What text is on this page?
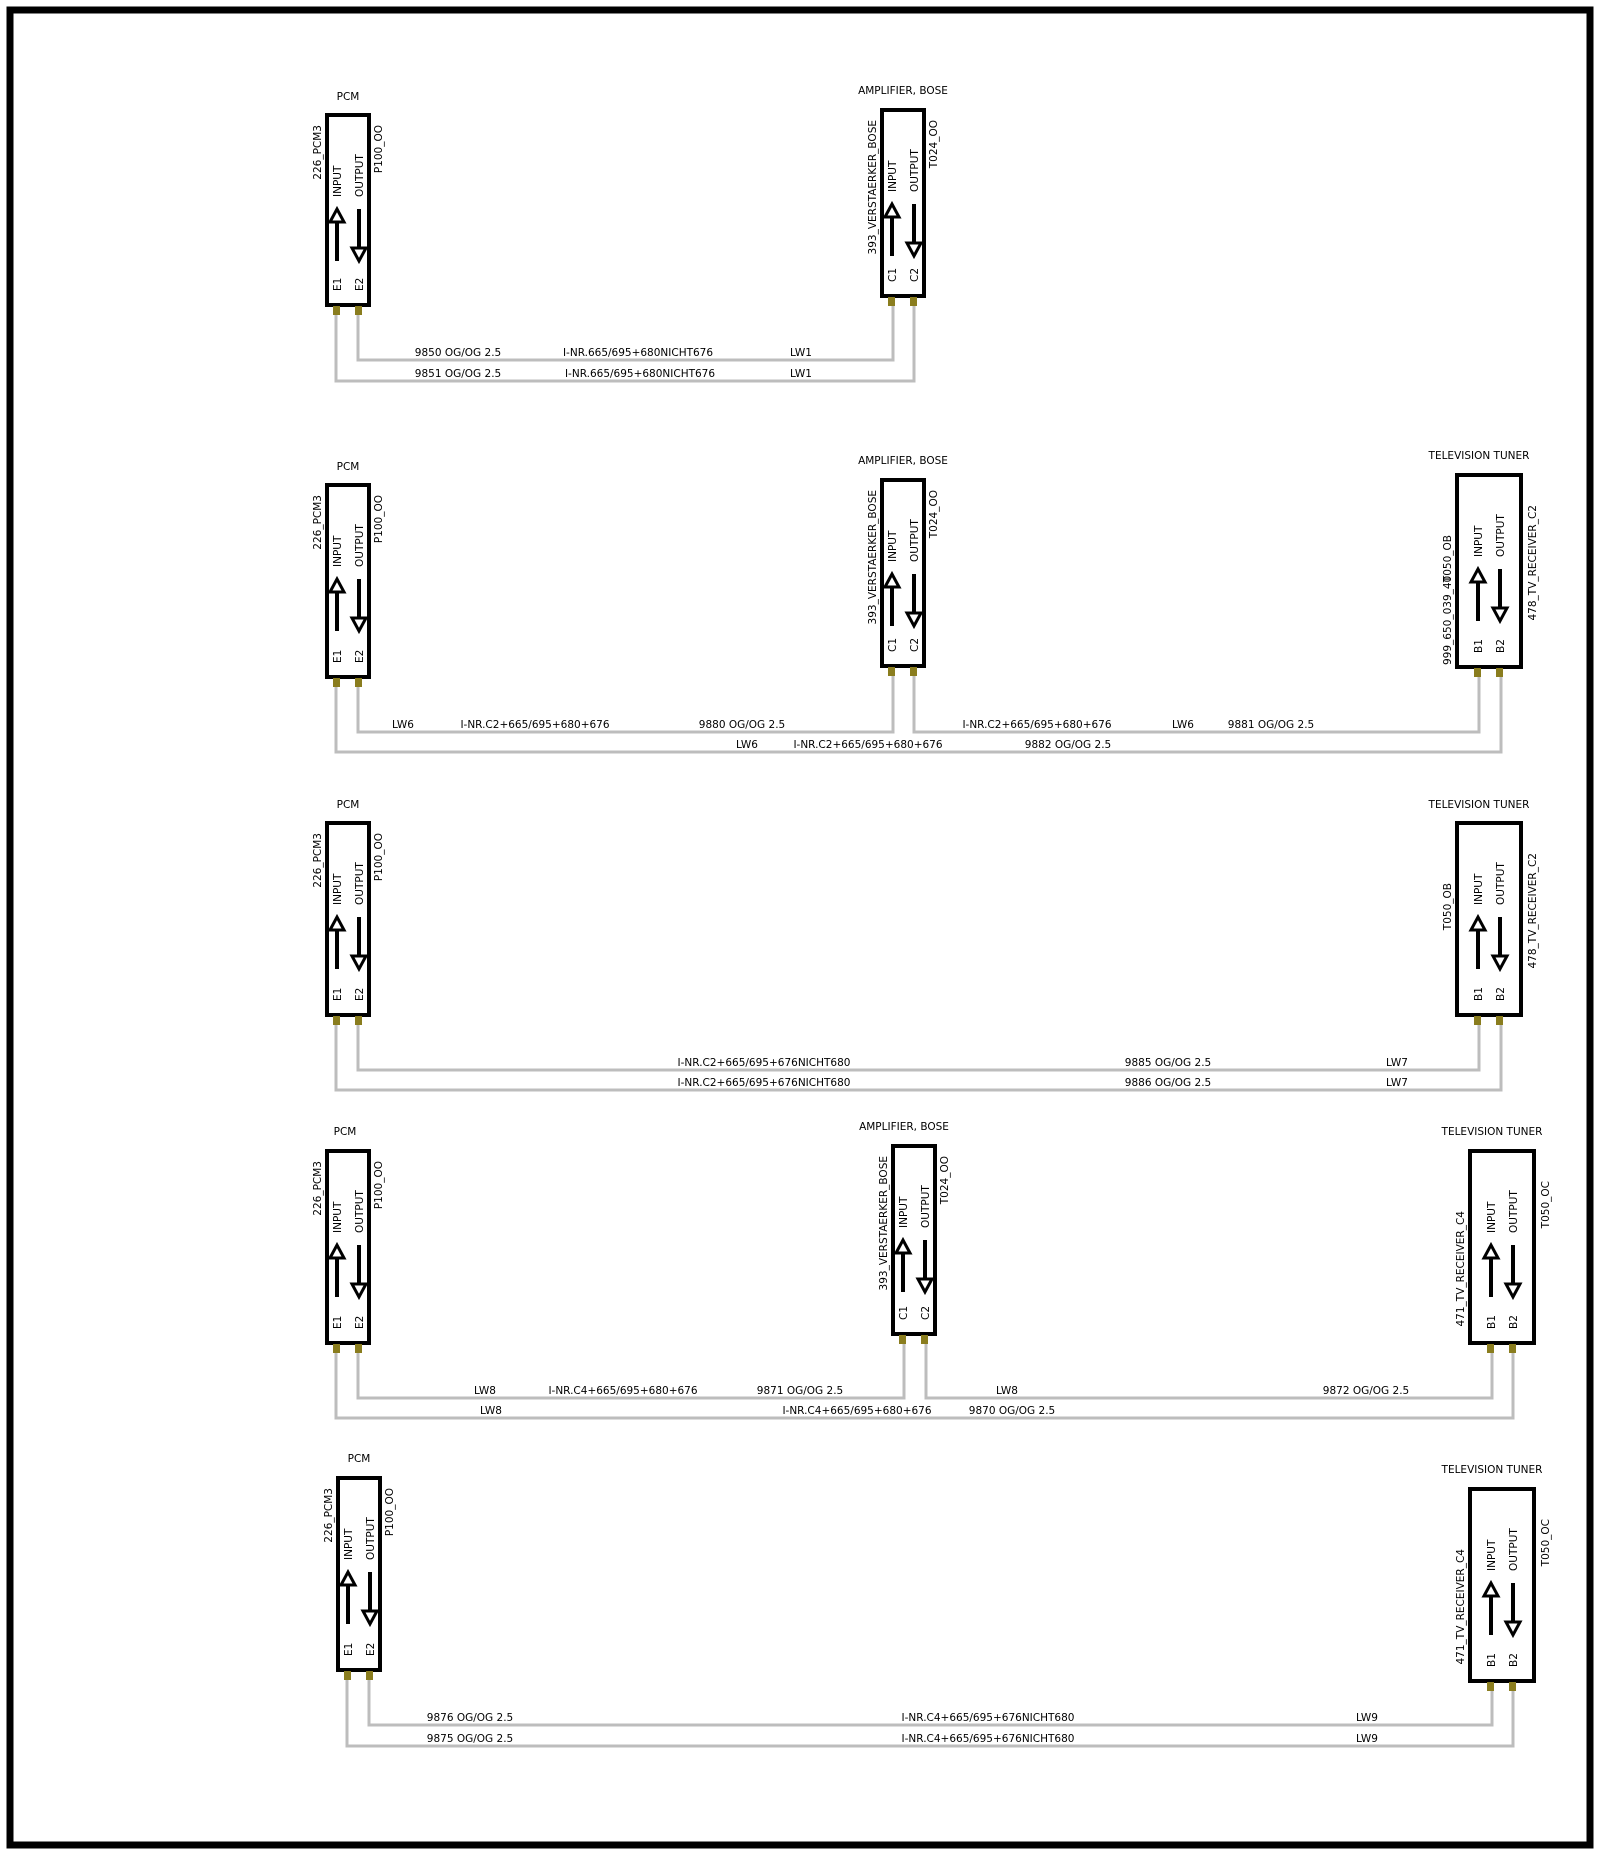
9850 OG/OG 2.5	I-NR.665/695+680NICHT676	LW1
9851 OG/OG 2.5	I-NR.665/695+680NICHT676	LW1
PCM
E1 E2
INPUT OUTPUT
226_PCM3	P100_OO
AMPLIFIER, BOSE
C1 C2
INPUT OUTPUT
393_VERSTAERKER_BOSE	T024_OO
LW6	I-NR.C2+665/695+680+676	9880 OG/OG 2.5	I-NR.C2+665/695+680+676	LW6	9881 OG/OG 2.5
LW6	I-NR.C2+665/695+680+676	9882 OG/OG 2.5
PCM
E1 E2
INPUT OUTPUT
226_PCM3	P100_OO
AMPLIFIER, BOSE
C1 C2
INPUT OUTPUT
393_VERSTAERKER_BOSE	T024_OO
TELEVISION TUNER
B1 B2
INPUT OUTPUT
T050_OB
999_650_039_40	478_TV_RECEIVER_C2
I-NR.C2+665/695+676NICHT680	9885 OG/OG 2.5	LW7
I-NR.C2+665/695+676NICHT680	9886 OG/OG 2.5	LW7
PCM
E1 E2
INPUT OUTPUT
226_PCM3	P100_OO
TELEVISION TUNER
B1 B2
INPUT OUTPUT
T050_OB	478_TV_RECEIVER_C2
LW8	I-NR.C4+665/695+680+676	9871 OG/OG 2.5	LW8	9872 OG/OG 2.5
LW8	I-NR.C4+665/695+680+676	9870 OG/OG 2.5
PCM
E1 E2
INPUT OUTPUT
226_PCM3	P100_OO
AMPLIFIER, BOSE
C1 C2
INPUT OUTPUT
393_VERSTAERKER_BOSE	T024_OO
TELEVISION TUNER
B1 B2
INPUT OUTPUT
471_TV_RECEIVER_C4
T050_OC
9876 OG/OG 2.5	I-NR.C4+665/695+676NICHT680	LW9
9875 OG/OG 2.5	I-NR.C4+665/695+676NICHT680	LW9
PCM
E1 E2
INPUT OUTPUT
226_PCM3	P100_OO
TELEVISION TUNER
B1 B2
INPUT OUTPUT
471_TV_RECEIVER_C4
T050_OC
